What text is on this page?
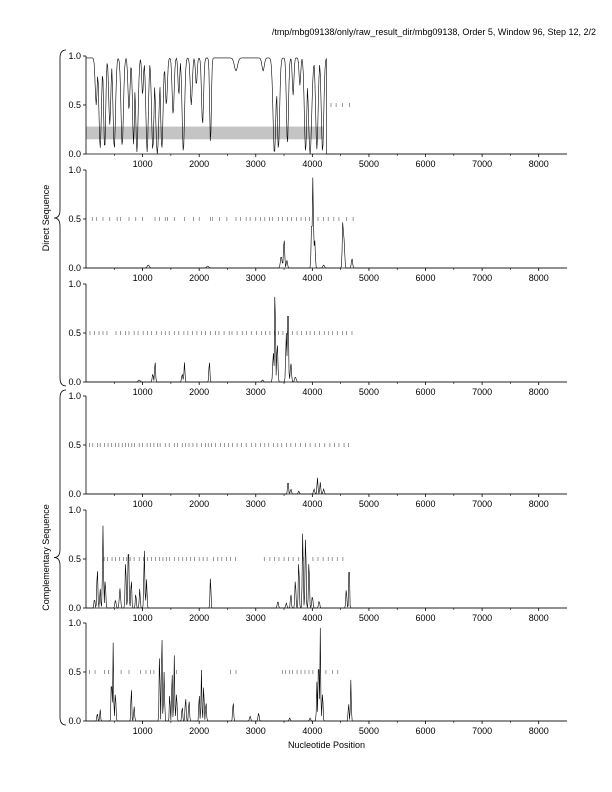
/tmp/mbg09138/only/raw_result_dir/mbg09138, Order 5, Window 96, Step 12, 2/2
0.0
0.5
1.0
1000	2000	3000	4000	5000	6000	7000	8000
0.0
0.5
1.0
1000	2000	3000	4000	5000	6000	7000	8000
0.0
0.5
1.0
1000	2000	3000	4000	5000	6000	7000	8000
0.0
0.5
1.0
1000	2000	3000	4000	5000	6000	7000	8000
0.0
0.5
1.0
1000	2000	3000	4000	5000	6000	7000	8000
0.0
0.5
1.0
1000	2000	3000	4000	5000	6000	7000	8000
Nucleotide Position
Direct Sequence
Complementary Sequence
